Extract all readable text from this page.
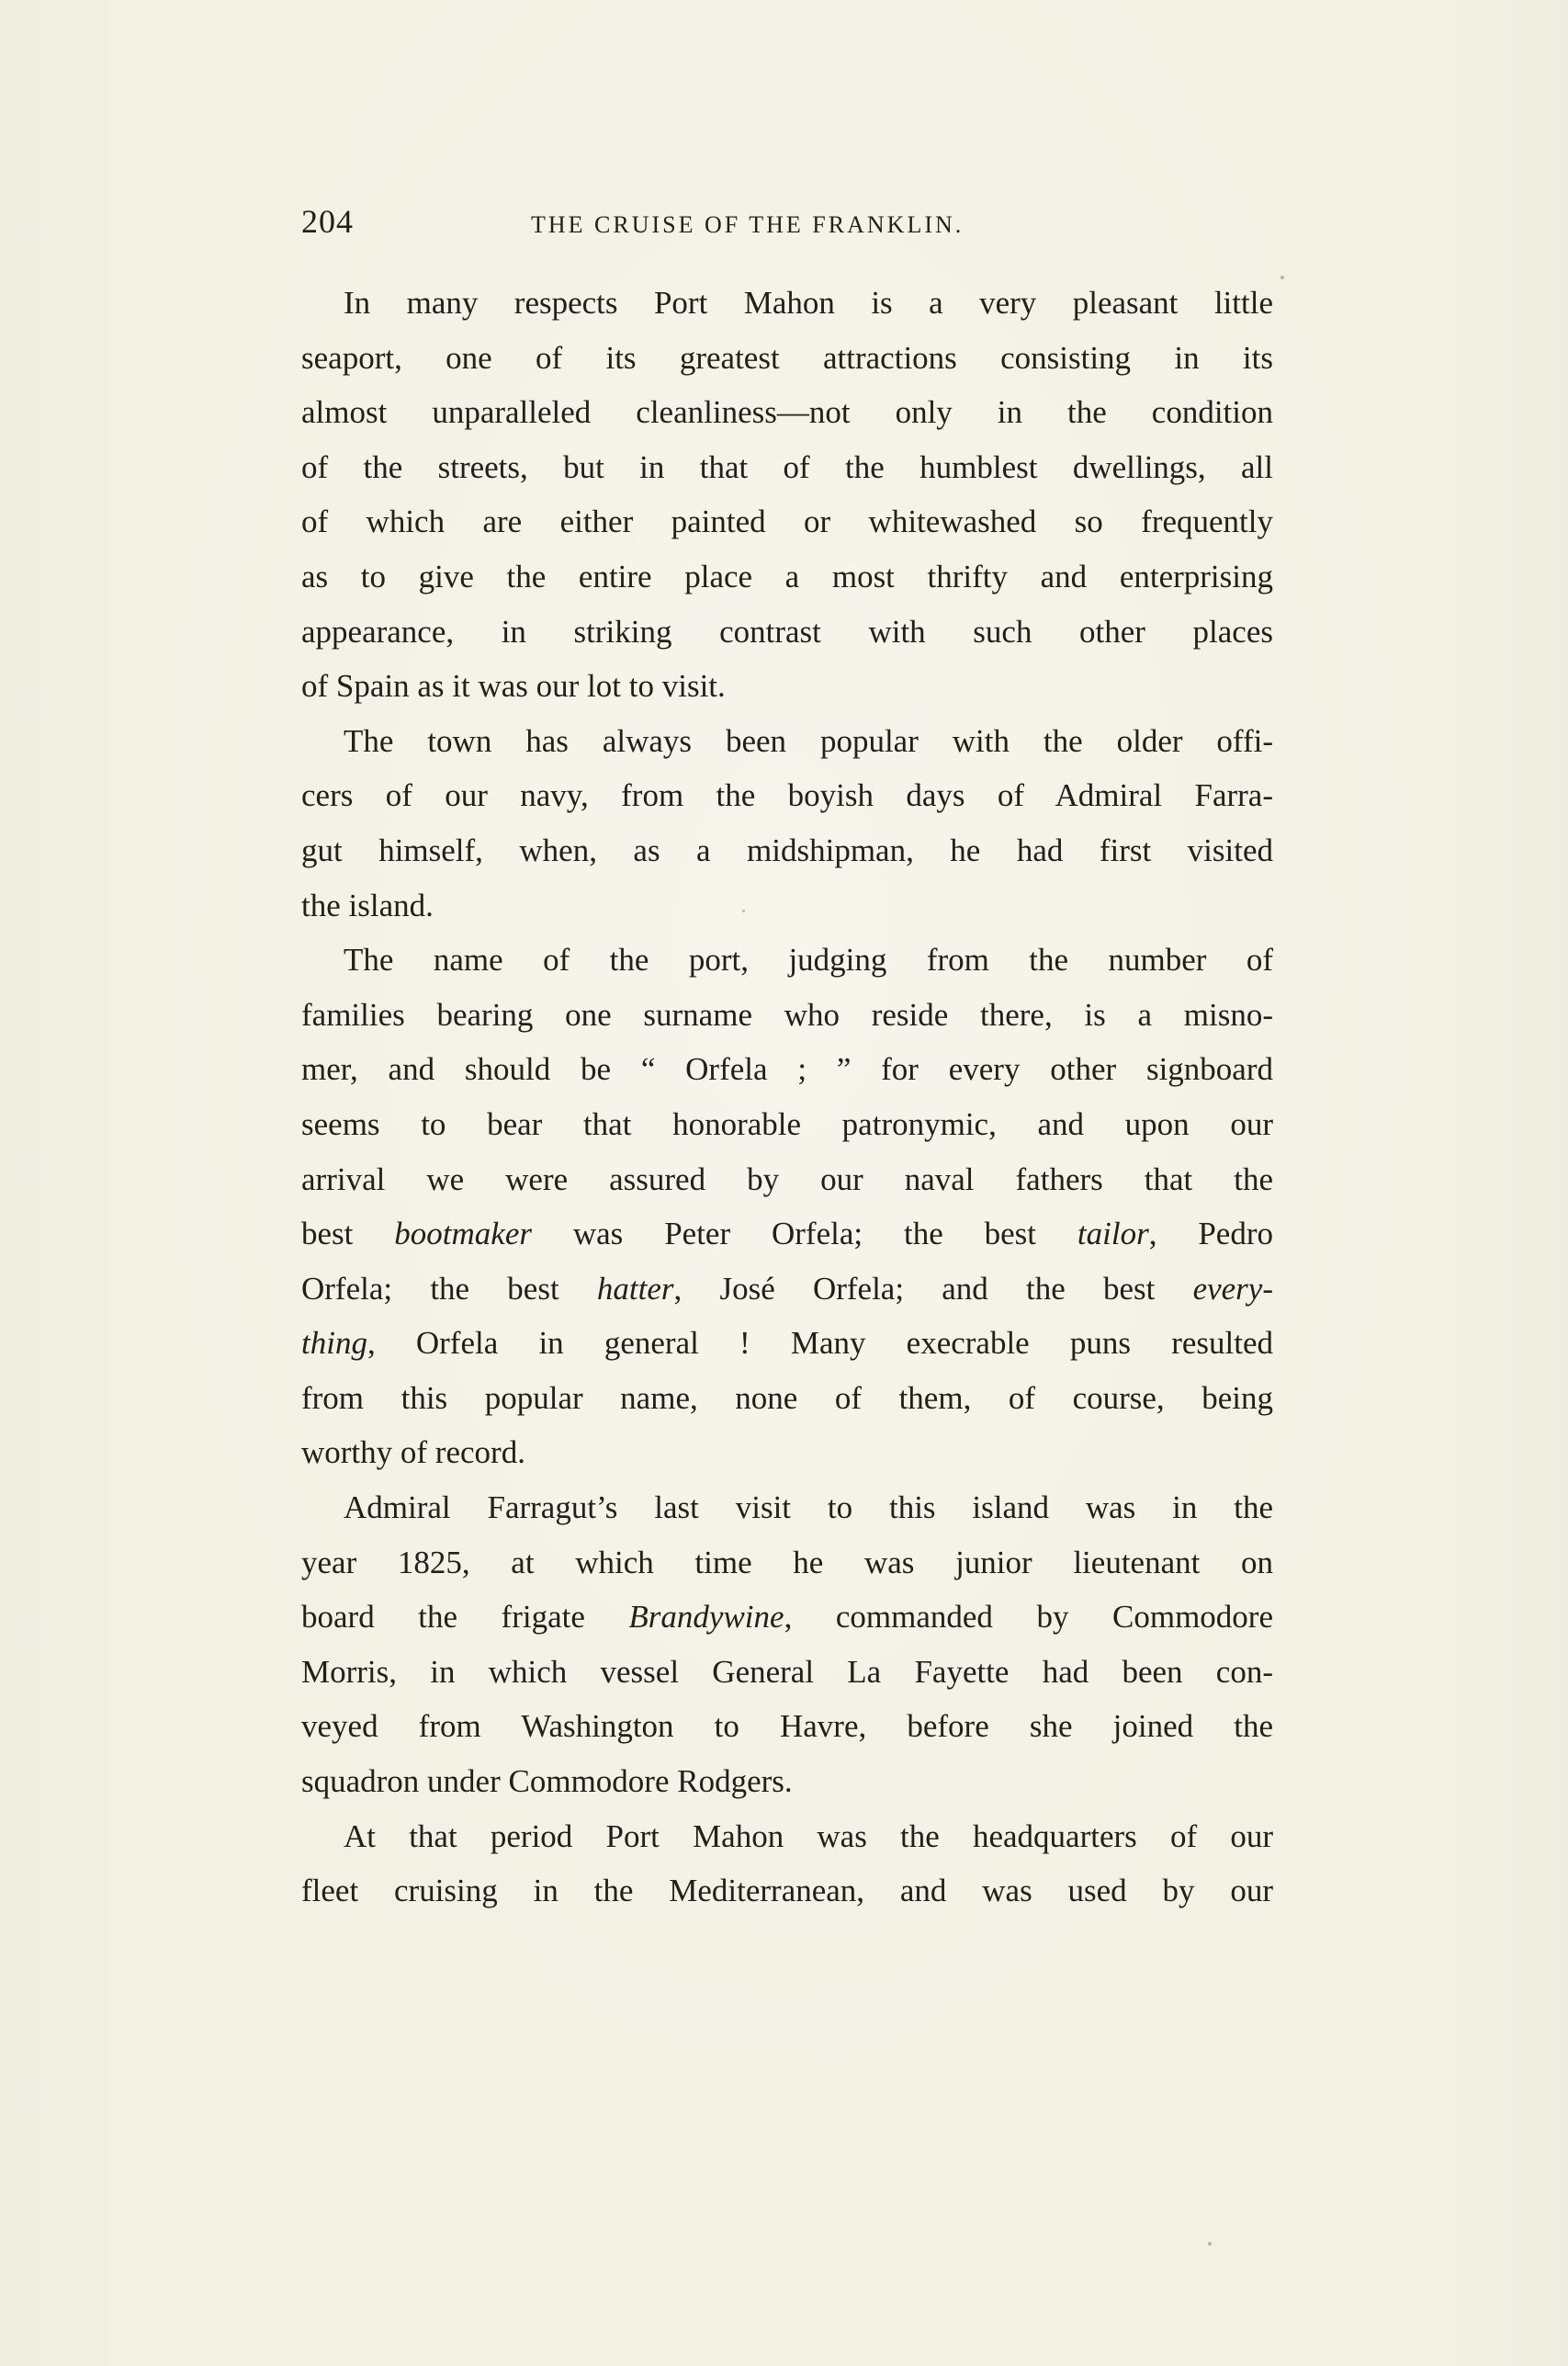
204	THE CRUISE OF THE FRANKLIN.
In many respects Port Mahon is a very pleasant little
seaport, one of its greatest attractions consisting in its
almost unparalleled cleanliness—not only in the condition
of the streets, but in that of the humblest dwellings, all
of which are either painted or whitewashed so frequently
as to give the entire place a most thrifty and enterprising
appearance, in striking contrast with such other places
of Spain as it was our lot to visit.
The town has always been popular with the older offi-
cers of our navy, from the boyish days of Admiral Farra-
gut himself, when, as a midshipman, he had first visited
the island.
The name of the port, judging from the number of
families bearing one surname who reside there, is a misno-
mer, and should be “ Orfela ; ” for every other signboard
seems to bear that honorable patronymic, and upon our
arrival we were assured by our naval fathers that the
best bootmaker was Peter Orfela; the best tailor, Pedro
Orfela; the best hatter, José Orfela; and the best every-
thing, Orfela in general ! Many execrable puns resulted
from this popular name, none of them, of course, being
worthy of record.
Admiral Farragut’s last visit to this island was in the
year 1825, at which time he was junior lieutenant on
board the frigate Brandywine, commanded by Commodore
Morris, in which vessel General La Fayette had been con-
veyed from Washington to Havre, before she joined the
squadron under Commodore Rodgers.
At that period Port Mahon was the headquarters of our
fleet cruising in the Mediterranean, and was used by our
